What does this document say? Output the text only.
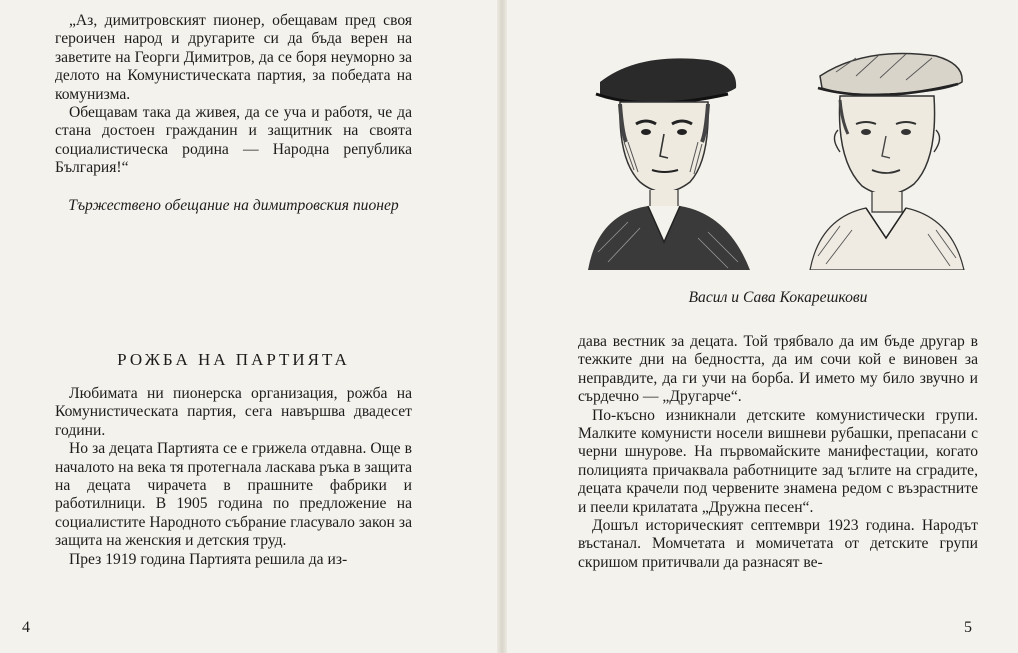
„Аз, димитровският пионер, обещавам пред своя героичен народ и другарите си да бъда верен на заветите на Георги Димитров, да се боря неуморно за делото на Комунистическата партия, за победата на комунизма.

Обещавам така да живея, да се уча и работя, че да стана достоен гражданин и защитник на своята социалистическа родина — Народна република България!“

Тържествено обещание на димитровския пионер
РОЖБА НА ПАРТИЯТА

Любимата ни пионерска организация, рожба на Комунистическата партия, сега навършва двадесет години.

Но за децата Партията се е грижела отдавна. Още в началото на века тя протегнала ласкава ръка в защита на децата чирачета в прашните фабрики и работилници. В 1905 година по предложение на социалистите Народното събрание гласувало закон за защита на женския и детския труд.

През 1919 година Партията решила да из-

4
Васил и Сава Кокарешкови

дава вестник за децата. Той трябвало да им бъде другар в тежките дни на бедността, да им сочи кой е виновен за неправдите, да ги учи на борба. И името му било звучно и сърдечно — „Другарче“.

По-късно изникнали детските комунистически групи. Малките комунисти носели вишневи рубашки, препасани с черни шнурове. На първомайските манифестации, когато полицията причаквала работниците зад ъглите на сградите, децата крачели под червените знамена редом с възрастните и пеели крилатата „Дружна песен“.

Дошъл историческият септември 1923 година. Народът въстанал. Момчетата и момичетата от детските групи скришом притичвали да разнасят ве-

5
